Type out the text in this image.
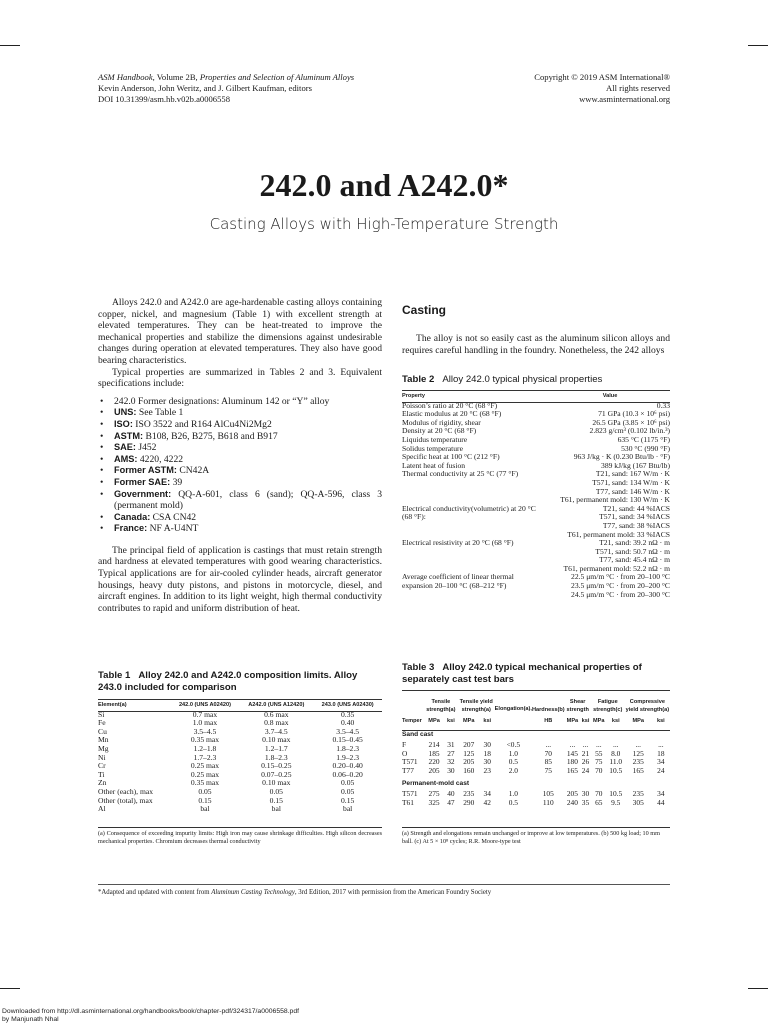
ASM Handbook, Volume 2B, Properties and Selection of Aluminum Alloys
Kevin Anderson, John Weritz, and J. Gilbert Kaufman, editors
DOI 10.31399/asm.hb.v02b.a0006558
Copyright © 2019 ASM International®
All rights reserved
www.asminternational.org
242.0 and A242.0*
Casting Alloys with High-Temperature Strength

Alloys 242.0 and A242.0 are age-hardenable casting alloys containing copper, nickel, and magnesium (Table 1) with excellent strength at elevated temperatures. They can be heat-treated to improve the mechanical properties and stabilize the dimensions against undesirable changes during operation at elevated temperatures. They also have good bearing characteristics.

Typical properties are summarized in Tables 2 and 3. Equivalent specifications include:

• 242.0 Former designations: Aluminum 142 or “Y” alloy
• UNS: See Table 1
• ISO: ISO 3522 and R164 AlCu4Ni2Mg2
• ASTM: B108, B26, B275, B618 and B917
• SAE: J452
• AMS: 4220, 4222
• Former ASTM: CN42A
• Former SAE: 39
• Government: QQ-A-601, class 6 (sand); QQ-A-596, class 3 (permanent mold)
• Canada: CSA CN42
• France: NF A-U4NT

The principal field of application is castings that must retain strength and hardness at elevated temperatures with good wearing characteristics. Typical applications are for air-cooled cylinder heads, aircraft generator housings, heavy duty pistons, and pistons in motorcycle, diesel, and aircraft engines. In addition to its light weight, high thermal conductivity contributes to rapid and uniform distribution of heat.

Casting

The alloy is not so easily cast as the aluminum silicon alloys and requires careful handling in the foundry. Nonetheless, the 242 alloys

Table 2 Alloy 242.0 typical physical properties
Property	Value
Poisson’s ratio at 20 °C (68 °F)	0.33
Elastic modulus at 20 °C (68 °F)	71 GPa (10.3 × 10⁶ psi)
Modulus of rigidity, shear	26.5 GPa (3.85 × 10⁶ psi)
Density at 20 °C (68 °F)	2.823 g/cm³ (0.102 lb/in.³)
Liquidus temperature	635 °C (1175 °F)
Solidus temperature	530 °C (990 °F)
Specific heat at 100 °C (212 °F)	963 J/kg · K (0.230 Btu/lb · °F)
Latent heat of fusion	389 kJ/kg (167 Btu/lb)
Thermal conductivity at 25 °C (77 °F)	T21, sand: 167 W/m · K
	T571, sand: 134 W/m · K
	T77, sand: 146 W/m · K
	T61, permanent mold: 130 W/m · K
Electrical conductivity(volumetric) at 20 °C (68 °F):	T21, sand: 44 %IACS
	T571, sand: 34 %IACS
	T77, sand: 38 %IACS
	T61, permanent mold: 33 %IACS
Electrical resistivity at 20 °C (68 °F)	T21, sand: 39.2 nΩ · m
	T571, sand: 50.7 nΩ · m
	T77, sand: 45.4 nΩ · m
	T61, permanent mold: 52.2 nΩ · m
Average coefficient of linear thermal expansion 20–100 °C (68–212 °F)	22.5 μm/m °C · from 20–100 °C
	23.5 μm/m °C · from 20–200 °C
	24.5 μm/m °C · from 20–300 °C
Table 1 Alloy 242.0 and A242.0 composition limits. Alloy 243.0 included for comparison
Element(a)	242.0 (UNS A02420)	A242.0 (UNS A12420)	243.0 (UNS A02430)
Si	0.7 max	0.6 max	0.35
Fe	1.0 max	0.8 max	0.40
Cu	3.5–4.5	3.7–4.5	3.5–4.5
Mn	0.35 max	0.10 max	0.15–0.45
Mg	1.2–1.8	1.2–1.7	1.8–2.3
Ni	1.7–2.3	1.8–2.3	1.9–2.3
Cr	0.25 max	0.15–0.25	0.20–0.40
Ti	0.25 max	0.07–0.25	0.06–0.20
Zn	0.35 max	0.10 max	0.05
Other (each), max	0.05	0.05	0.05
Other (total), max	0.15	0.15	0.15
Al	bal	bal	bal
(a) Consequence of exceeding impurity limits: High iron may cause shrinkage difficulties. High silicon decreases mechanical properties. Chromium decreases thermal conductivity
Table 3 Alloy 242.0 typical mechanical properties of separately cast test bars
	Tensile strength(a)		Tensile yield strength(a)		Elongation(a),	Hardness(b)	Shear strength		Fatigue strength(c)		Compressive yield strength(a)	
Temper	MPa	ksi	MPa	ksi		HB	MPa	ksi	MPa	ksi	MPa	ksi
Sand cast												
F	214	31	207	30	<0.5	...	...	...	...	...	...	...
O	185	27	125	18	1.0	70	145	21	55	8.0	125	18
T571	220	32	205	30	0.5	85	180	26	75	11.0	235	34
T77	205	30	160	23	2.0	75	165	24	70	10.5	165	24
Permanent-mold cast												
T571	275	40	235	34	1.0	105	205	30	70	10.5	235	34
T61	325	47	290	42	0.5	110	240	35	65	9.5	305	44
(a) Strength and elongations remain unchanged or improve at low temperatures. (b) 500 kg load; 10 mm ball. (c) At 5 × 10⁸ cycles; R.R. Moore-type test
*Adapted and updated with content from Aluminum Casting Technology, 3rd Edition, 2017 with permission from the American Foundry Society
Downloaded from http://dl.asminternational.org/handbooks/book/chapter-pdf/324317/a0006558.pdf
by Manjunath Nhal
